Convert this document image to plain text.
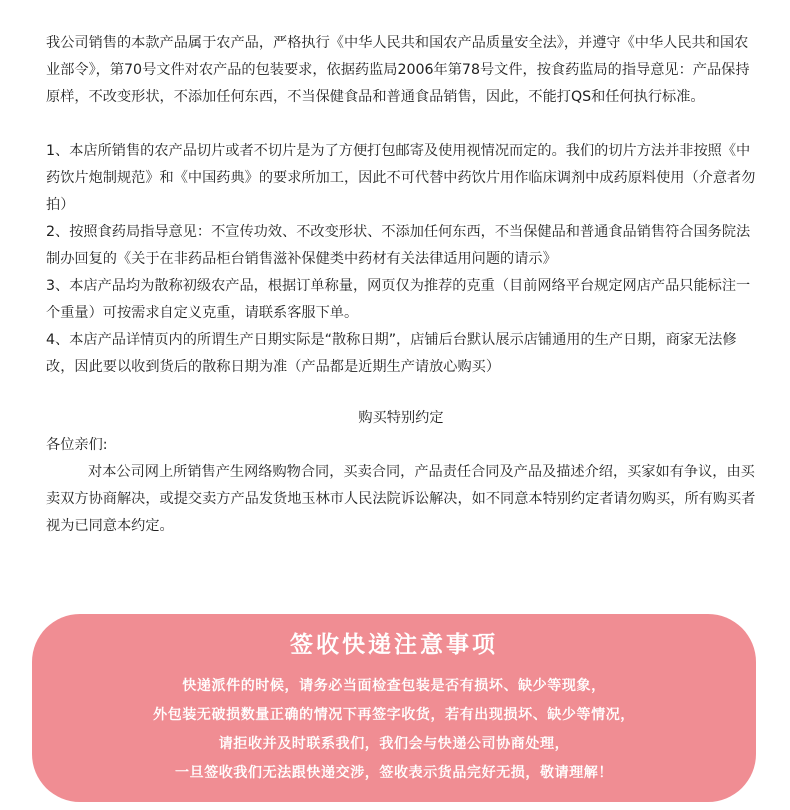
我公司销售的本款产品属于农产品，严格执行《中华人民共和国农产品质量安全法》，并遵守《中华人民共和国农业部令》，第70号文件对农产品的包装要求，依据药监局2006年第78号文件，按食药监局的指导意见：产品保持原样，不改变形状，不添加任何东西，不当保健食品和普通食品销售，因此，不能打QS和任何执行标准。

1、本店所销售的农产品切片或者不切片是为了方便打包邮寄及使用视情况而定的。我们的切片方法并非按照《中药饮片炮制规范》和《中国药典》的要求所加工，因此不可代替中药饮片用作临床调剂中成药原料使用（介意者勿拍）

2、按照食药局指导意见：不宣传功效、不改变形状、不添加任何东西，不当保健品和普通食品销售符合国务院法制办回复的《关于在非药品柜台销售滋补保健类中药材有关法律适用问题的请示》

3、本店产品均为散称初级农产品，根据订单称量，网页仅为推荐的克重（目前网络平台规定网店产品只能标注一个重量）可按需求自定义克重，请联系客服下单。

4、本店产品详情页内的所谓生产日期实际是“散称日期”，店铺后台默认展示店铺通用的生产日期，商家无法修改，因此要以收到货后的散称日期为准（产品都是近期生产请放心购买）

购买特别约定
各位亲们:

对本公司网上所销售产生网络购物合同，买卖合同，产品责任合同及产品及描述介绍，买家如有争议，由买卖双方协商解决，或提交卖方产品发货地玉林市人民法院诉讼解决，如不同意本特别约定者请勿购买，所有购买者视为已同意本约定。

签收快递注意事项
快递派件的时候，请务必当面检查包装是否有损坏、缺少等现象，
外包装无破损数量正确的情况下再签字收货，若有出现损坏、缺少等情况，
请拒收并及时联系我们，我们会与快递公司协商处理，
一旦签收我们无法跟快递交涉，签收表示货品完好无损，敬请理解！
